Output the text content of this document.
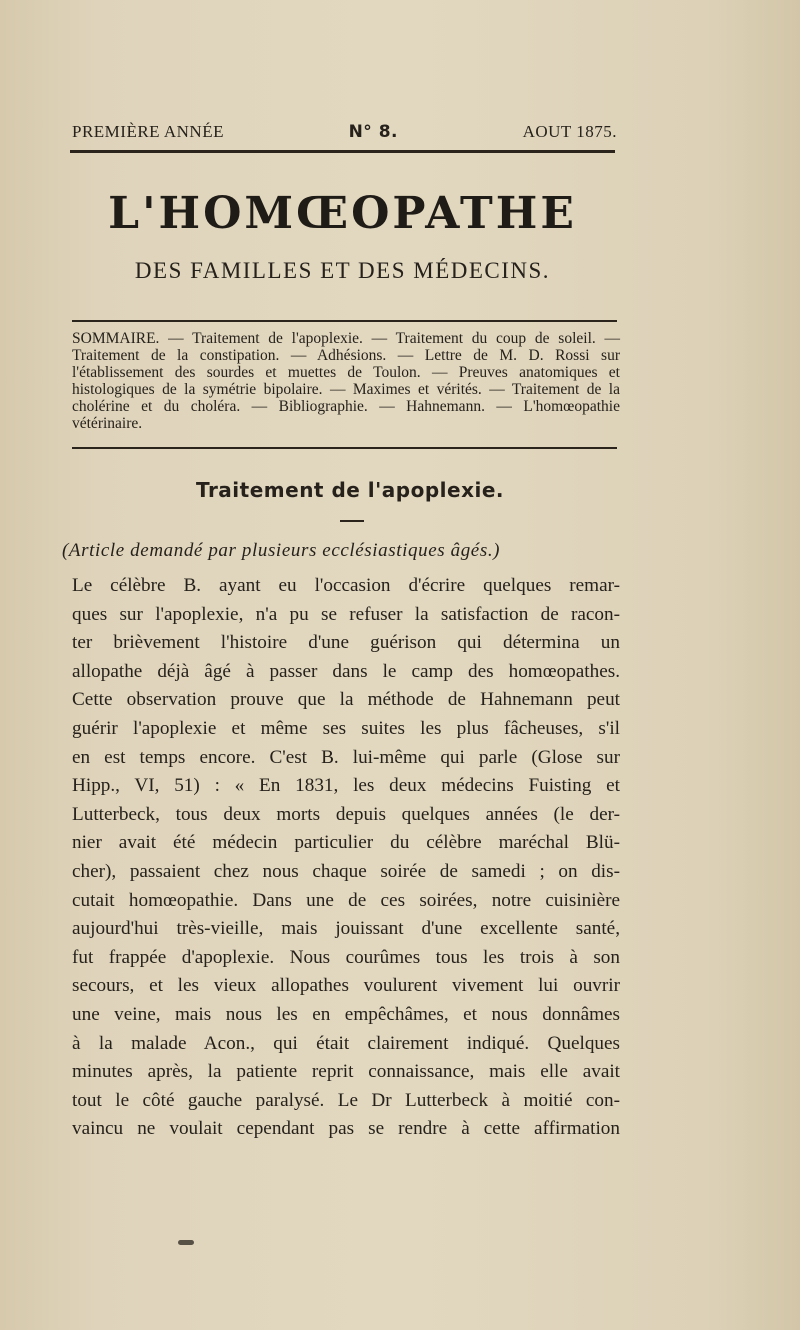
PREMIÈRE ANNÉE	N° 8.	AOUT 1875.
L'HOMŒOPATHE
DES FAMILLES ET DES MÉDECINS.
SOMMAIRE. — Traitement de l'apoplexie. — Traitement du coup de soleil. — Traitement de la constipation. — Adhésions. — Lettre de M. D. Rossi sur l'établissement des sourdes et muettes de Toulon. — Preuves anatomiques et histologiques de la symétrie bipolaire. — Maximes et vérités. — Traitement de la cholérine et du choléra. — Bibliographie. — Hahnemann. — L'homœopathie vétérinaire.
Traitement de l'apoplexie.
(Article demandé par plusieurs ecclésiastiques âgés.)
Le célèbre B. ayant eu l'occasion d'écrire quelques remar-
ques sur l'apoplexie, n'a pu se refuser la satisfaction de racon-
ter brièvement l'histoire d'une guérison qui détermina un
allopathe déjà âgé à passer dans le camp des homœopathes.
Cette observation prouve que la méthode de Hahnemann peut
guérir l'apoplexie et même ses suites les plus fâcheuses, s'il
en est temps encore. C'est B. lui-même qui parle (Glose sur
Hipp., VI, 51) : « En 1831, les deux médecins Fuisting et
Lutterbeck, tous deux morts depuis quelques années (le der-
nier avait été médecin particulier du célèbre maréchal Blü-
cher), passaient chez nous chaque soirée de samedi ; on dis-
cutait homœopathie. Dans une de ces soirées, notre cuisinière
aujourd'hui très-vieille, mais jouissant d'une excellente santé,
fut frappée d'apoplexie. Nous courûmes tous les trois à son
secours, et les vieux allopathes voulurent vivement lui ouvrir
une veine, mais nous les en empêchâmes, et nous donnâmes
à la malade Acon., qui était clairement indiqué. Quelques
minutes après, la patiente reprit connaissance, mais elle avait
tout le côté gauche paralysé. Le Dr Lutterbeck à moitié con-
vaincu ne voulait cependant pas se rendre à cette affirmation
